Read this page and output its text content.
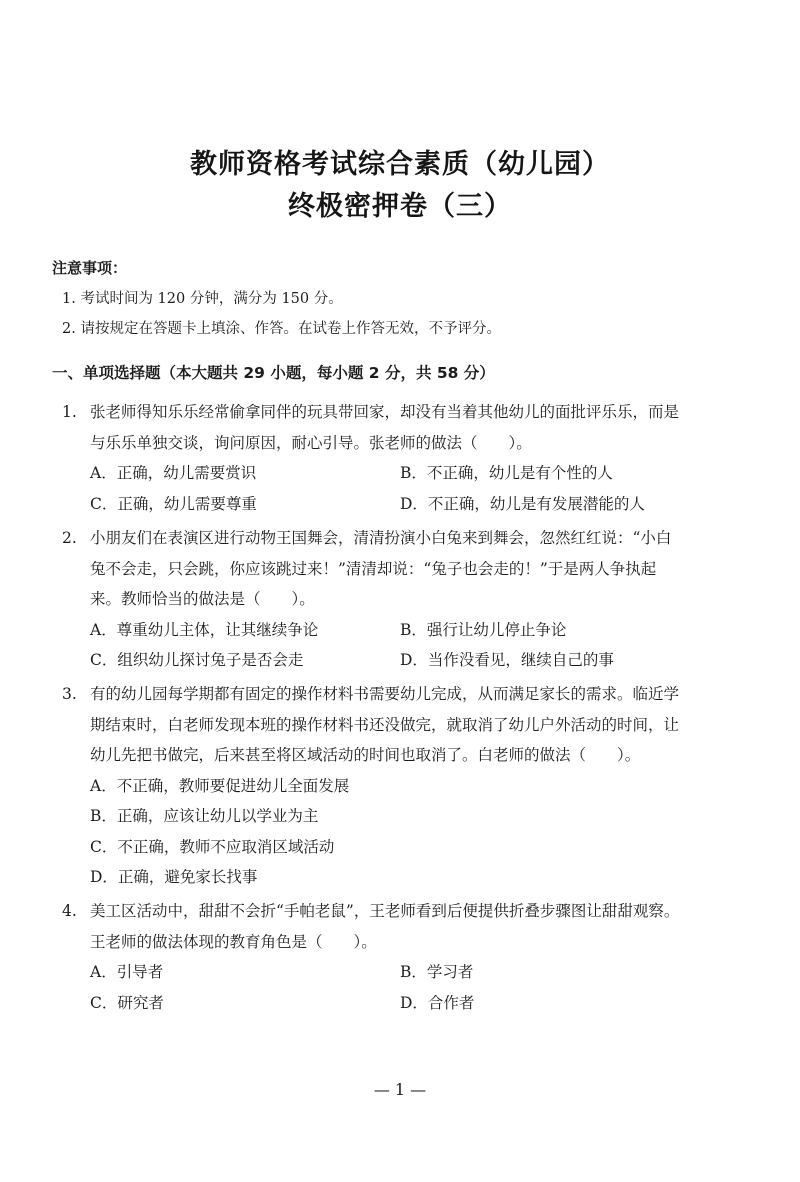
教师资格考试综合素质（幼儿园）
终极密押卷（三）
注意事项：
1. 考试时间为 120 分钟，满分为 150 分。
2. 请按规定在答题卡上填涂、作答。在试卷上作答无效，不予评分。
一、单项选择题（本大题共 29 小题，每小题 2 分，共 58 分）
1. 张老师得知乐乐经常偷拿同伴的玩具带回家，却没有当着其他幼儿的面批评乐乐，而是
与乐乐单独交谈，询问原因，耐心引导。张老师的做法（　　）。
A．正确，幼儿需要赏识	B．不正确，幼儿是有个性的人
C．正确，幼儿需要尊重	D．不正确，幼儿是有发展潜能的人
2. 小朋友们在表演区进行动物王国舞会，清清扮演小白兔来到舞会，忽然红红说：“小白
兔不会走，只会跳，你应该跳过来！”清清却说：“兔子也会走的！”于是两人争执起
来。教师恰当的做法是（　　）。
A．尊重幼儿主体，让其继续争论	B．强行让幼儿停止争论
C．组织幼儿探讨兔子是否会走	D．当作没看见，继续自己的事
3. 有的幼儿园每学期都有固定的操作材料书需要幼儿完成，从而满足家长的需求。临近学
期结束时，白老师发现本班的操作材料书还没做完，就取消了幼儿户外活动的时间，让
幼儿先把书做完，后来甚至将区域活动的时间也取消了。白老师的做法（　　）。
A．不正确，教师要促进幼儿全面发展
B．正确，应该让幼儿以学业为主
C．不正确，教师不应取消区域活动
D．正确，避免家长找事
4. 美工区活动中，甜甜不会折“手帕老鼠”，王老师看到后便提供折叠步骤图让甜甜观察。
王老师的做法体现的教育角色是（　　）。
A．引导者	B．学习者
C．研究者	D．合作者
— 1 —
